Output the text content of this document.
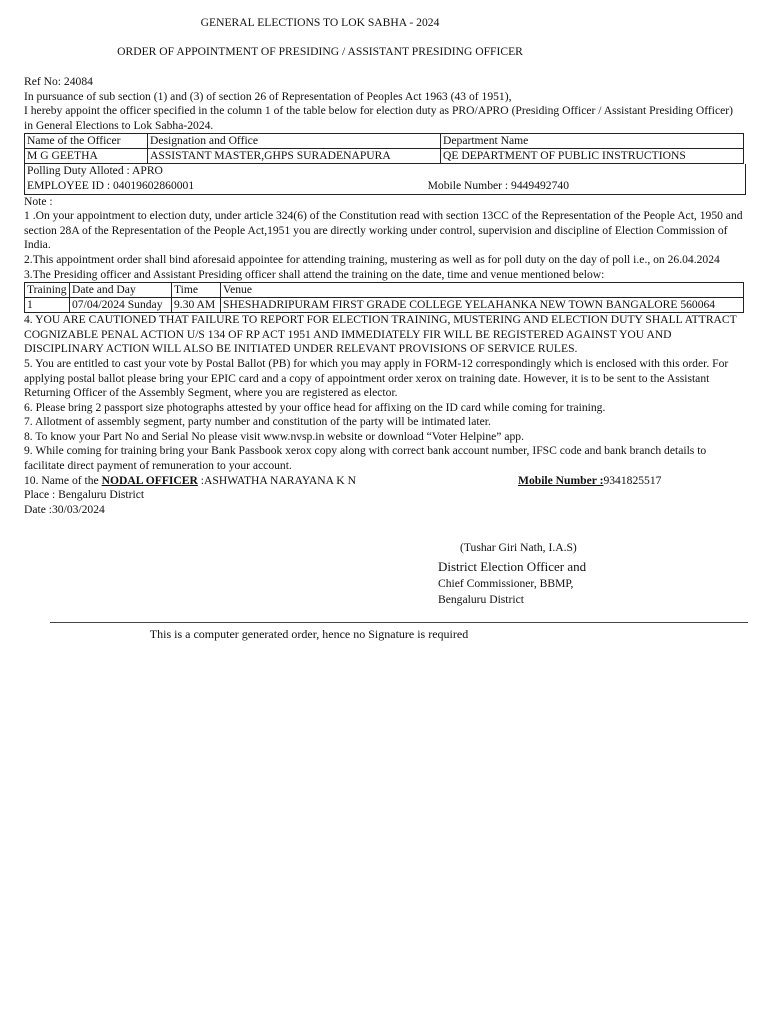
GENERAL ELECTIONS TO LOK SABHA - 2024
ORDER OF APPOINTMENT OF PRESIDING / ASSISTANT PRESIDING OFFICER

Ref No: 24084

In pursuance of sub section (1) and (3) of section 26 of Representation of Peoples Act 1963 (43 of 1951),

I hereby appoint the officer specified in the column 1 of the table below for election duty as PRO/APRO (Presiding Officer / Assistant Presiding Officer) in General Elections to Lok Sabha-2024.

Name of the Officer	Designation and Office	Department Name
M G GEETHA	ASSISTANT MASTER,GHPS SURADENAPURA	QE DEPARTMENT OF PUBLIC INSTRUCTIONS
Polling Duty Alloted : APRO
EMPLOYEE ID : 04019602860001	Mobile Number : 9449492740

Note :

1 .On your appointment to election duty, under article 324(6) of the Constitution read with section 13CC of the Representation of the People Act, 1950 and section 28A of the Representation of the People Act,1951 you are directly working under control, supervision and discipline of Election Commission of India.

2.This appointment order shall bind aforesaid appointee for attending training, mustering as well as for poll duty on the day of poll i.e., on 26.04.2024

3.The Presiding officer and Assistant Presiding officer shall attend the training on the date, time and venue mentioned below:

Training	Date and Day	Time	Venue
1	07/04/2024 Sunday	9.30 AM	SHESHADRIPURAM FIRST GRADE COLLEGE YELAHANKA NEW TOWN BANGALORE 560064

4. YOU ARE CAUTIONED THAT FAILURE TO REPORT FOR ELECTION TRAINING, MUSTERING AND ELECTION DUTY SHALL ATTRACT COGNIZABLE PENAL ACTION U/S 134 OF RP ACT 1951 AND IMMEDIATELY FIR WILL BE REGISTERED AGAINST YOU AND DISCIPLINARY ACTION WILL ALSO BE INITIATED UNDER RELEVANT PROVISIONS OF SERVICE RULES.

5. You are entitled to cast your vote by Postal Ballot (PB) for which you may apply in FORM-12 correspondingly which is enclosed with this order. For applying postal ballot please bring your EPIC card and a copy of appointment order xerox on training date. However, it is to be sent to the Assistant Returning Officer of the Assembly Segment, where you are registered as elector.

6. Please bring 2 passport size photographs attested by your office head for affixing on the ID card while coming for training.

7. Allotment of assembly segment, party number and constitution of the party will be intimated later.

8. To know your Part No and Serial No please visit www.nvsp.in website or download “Voter Helpine” app.

9. While coming for training bring your Bank Passbook xerox copy along with correct bank account number, IFSC code and bank branch details to facilitate direct payment of remuneration to your account.

10. Name of the NODAL OFFICER :ASHWATHA NARAYANA K N	Mobile Number :9341825517

Place : Bengaluru District

Date :30/03/2024

(Tushar Giri Nath, I.A.S)
District Election Officer and
Chief Commissioner, BBMP,
Bengaluru District
This is a computer generated order, hence no Signature is required
